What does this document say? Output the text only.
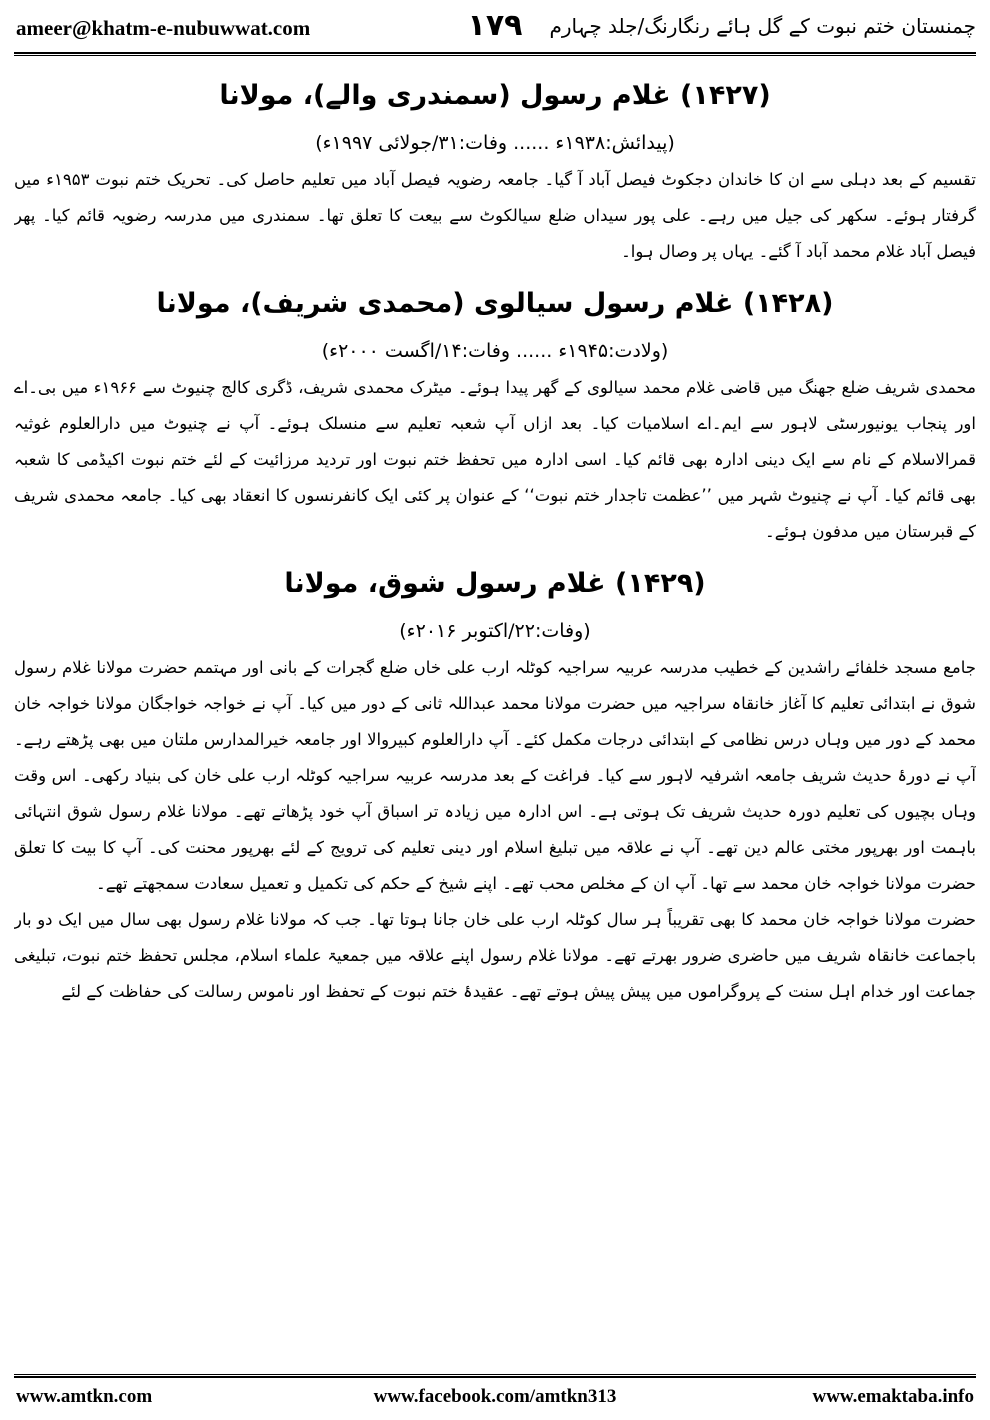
ameer@khatm-e-nubuwwat.com	۱۷۹	چمنستان ختم نبوت کے گل ہائے رنگارنگ/جلد چہارم
(۱۴۲۷) غلام رسول (سمندری والے)، مولانا
(پیدائش:۱۹۳۸ء ...... وفات:۳۱/جولائی ۱۹۹۷ء)

تقسیم کے بعد دہلی سے ان کا خاندان دجکوٹ فیصل آباد آ گیا۔ جامعہ رضویہ فیصل آباد میں تعلیم حاصل کی۔ تحریک ختم نبوت ۱۹۵۳ء میں گرفتار ہوئے۔ سکھر کی جیل میں رہے۔ علی پور سیداں ضلع سیالکوٹ سے بیعت کا تعلق تھا۔ سمندری میں مدرسہ رضویہ قائم کیا۔ پھر فیصل آباد غلام محمد آباد آ گئے۔ یہاں پر وصال ہوا۔

(۱۴۲۸) غلام رسول سیالوی (محمدی شریف)، مولانا
(ولادت:۱۹۴۵ء ...... وفات:۱۴/اگست ۲۰۰۰ء)

محمدی شریف ضلع جھنگ میں قاضی غلام محمد سیالوی کے گھر پیدا ہوئے۔ میٹرک محمدی شریف، ڈگری کالج چنیوٹ سے ۱۹۶۶ء میں بی۔اے اور پنجاب یونیورسٹی لاہور سے ایم۔اے اسلامیات کیا۔ بعد ازاں آپ شعبہ تعلیم سے منسلک ہوئے۔ آپ نے چنیوٹ میں دارالعلوم غوثیہ قمرالاسلام کے نام سے ایک دینی ادارہ بھی قائم کیا۔ اسی ادارہ میں تحفظ ختم نبوت اور تردید مرزائیت کے لئے ختم نبوت اکیڈمی کا شعبہ بھی قائم کیا۔ آپ نے چنیوٹ شہر میں ’’عظمت تاجدار ختم نبوت‘‘ کے عنوان پر کئی ایک کانفرنسوں کا انعقاد بھی کیا۔ جامعہ محمدی شریف کے قبرستان میں مدفون ہوئے۔

(۱۴۲۹) غلام رسول شوق، مولانا
(وفات:۲۲/اکتوبر ۲۰۱۶ء)

جامع مسجد خلفائے راشدین کے خطیب مدرسہ عربیہ سراجیہ کوٹلہ ارب علی خاں ضلع گجرات کے بانی اور مہتمم حضرت مولانا غلام رسول شوق نے ابتدائی تعلیم کا آغاز خانقاہ سراجیہ میں حضرت مولانا محمد عبداللہ ثانی کے دور میں کیا۔ آپ نے خواجہ خواجگان مولانا خواجہ خان محمد کے دور میں وہاں درس نظامی کے ابتدائی درجات مکمل کئے۔ آپ دارالعلوم کبیروالا اور جامعہ خیرالمدارس ملتان میں بھی پڑھتے رہے۔ آپ نے دورۂ حدیث شریف جامعہ اشرفیہ لاہور سے کیا۔ فراغت کے بعد مدرسہ عربیہ سراجیہ کوٹلہ ارب علی خان کی بنیاد رکھی۔ اس وقت وہاں بچیوں کی تعلیم دورہ حدیث شریف تک ہوتی ہے۔ اس ادارہ میں زیادہ تر اسباق آپ خود پڑھاتے تھے۔ مولانا غلام رسول شوق انتہائی باہمت اور بھرپور مختی عالم دین تھے۔ آپ نے علاقہ میں تبلیغ اسلام اور دینی تعلیم کی ترویج کے لئے بھرپور محنت کی۔ آپ کا بیت کا تعلق حضرت مولانا خواجہ خان محمد سے تھا۔ آپ ان کے مخلص محب تھے۔ اپنے شیخ کے حکم کی تکمیل و تعمیل سعادت سمجھتے تھے۔

حضرت مولانا خواجہ خان محمد کا بھی تقریباً ہر سال کوٹلہ ارب علی خان جانا ہوتا تھا۔ جب کہ مولانا غلام رسول بھی سال میں ایک دو بار باجماعت خانقاہ شریف میں حاضری ضرور بھرتے تھے۔ مولانا غلام رسول اپنے علاقہ میں جمعیۃ علماء اسلام، مجلس تحفظ ختم نبوت، تبلیغی جماعت اور خدام اہل سنت کے پروگراموں میں پیش پیش ہوتے تھے۔ عقیدۂ ختم نبوت کے تحفظ اور ناموس رسالت کی حفاظت کے لئے

www.amtkn.com	www.facebook.com/amtkn313	www.emaktaba.info
